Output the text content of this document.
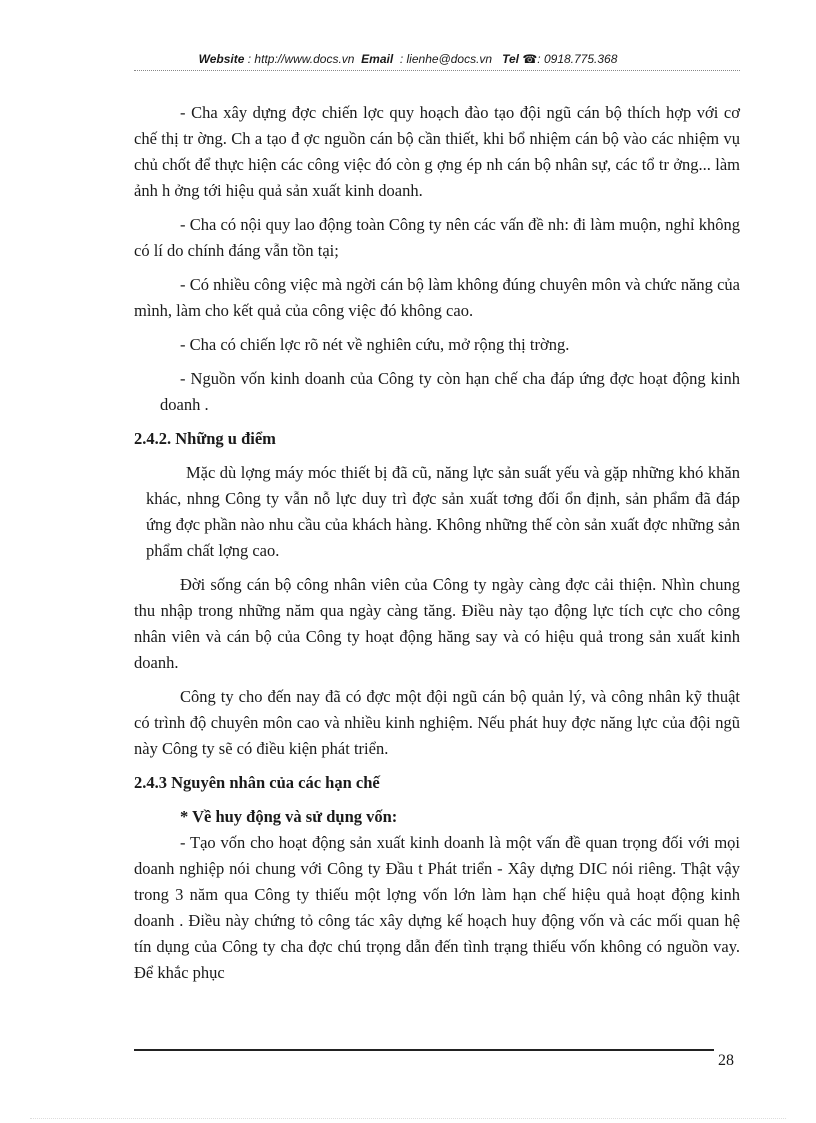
Website : http://www.docs.vn Email : lienhe@docs.vn Tel ☎: 0918.775.368

- Cha xây dựng đợc chiến lợc quy hoạch đào tạo đội ngũ cán bộ thích hợp với cơ chế thị tr ờng. Ch a tạo đ ợc nguồn cán bộ cần thiết, khi bổ nhiệm cán bộ vào các nhiệm vụ chủ chốt để thực hiện các công việc đó còn g ợng ép nh cán bộ nhân sự, các tổ tr ởng... làm ảnh h ởng tới hiệu quả sản xuất kinh doanh.

- Cha có nội quy lao động toàn Công ty nên các vấn đề nh: đi làm muộn, nghỉ không có lí do chính đáng vẫn tồn tại;

- Có nhiều công việc mà ngời cán bộ làm không đúng chuyên môn và chức năng của mình, làm cho kết quả của công việc đó không cao.

- Cha có chiến lợc rõ nét về nghiên cứu, mở rộng thị trờng.

- Nguồn vốn kinh doanh của Công ty còn hạn chế cha đáp ứng đợc hoạt động kinh doanh .

2.4.2. Những u điểm

Mặc dù lợng máy móc thiết bị đã cũ, năng lực sản suất yếu và gặp những khó khăn khác, nhng Công ty vẫn nỗ lực duy trì đợc sản xuất tơng đối ổn định, sản phẩm đã đáp ứng đợc phần nào nhu cầu của khách hàng. Không những thế còn sản xuất đợc những sản phẩm chất lợng cao.

Đời sống cán bộ công nhân viên của Công ty ngày càng đợc cải thiện. Nhìn chung thu nhập trong những năm qua ngày càng tăng. Điều này tạo động lực tích cực cho công nhân viên và cán bộ của Công ty hoạt động hăng say và có hiệu quả trong sản xuất kinh doanh.

Công ty cho đến nay đã có đợc một đội ngũ cán bộ quản lý, và công nhân kỹ thuật có trình độ chuyên môn cao và nhiều kinh nghiệm. Nếu phát huy đợc năng lực của đội ngũ này Công ty sẽ có điều kiện phát triển.

2.4.3 Nguyên nhân của các hạn chế

* Về huy động và sử dụng vốn:

- Tạo vốn cho hoạt động sản xuất kinh doanh là một vấn đề quan trọng đối với mọi doanh nghiệp nói chung với Công ty Đầu t Phát triển - Xây dựng DIC nói riêng. Thật vậy trong 3 năm qua Công ty thiếu một lợng vốn lớn làm hạn chế hiệu quả hoạt động kinh doanh . Điều này chứng tỏ công tác xây dựng kế hoạch huy động vốn và các mối quan hệ tín dụng của Công ty cha đợc chú trọng dẫn đến tình trạng thiếu vốn không có nguồn vay. Để khắc phục

28
